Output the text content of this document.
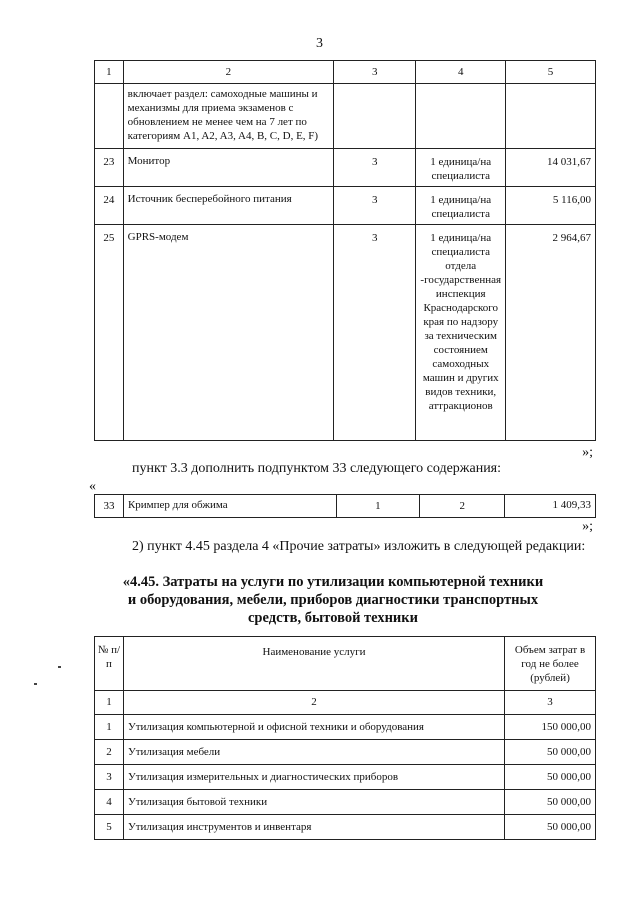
3
1	2	3	4	5
	включает раздел: самоходные машины и механизмы для приема экзаменов с обновлением не менее чем на 7 лет по категориям A1, A2, A3, A4, B, C, D, E, F)			
23	Монитор	3	1 единица/на специалиста	14 031,67
24	Источник бесперебойного питания	3	1 единица/на специалиста	5 116,00
25	GPRS-модем	3	1 единица/на специалиста отдела -государственная инспекция Краснодарского края по надзору за техническим состоянием самоходных машин и других видов техники, аттракционов	2 964,67
»;
пункт 3.3 дополнить подпунктом 33 следующего содержания:
«
33	Кримпер для обжима	1	2	1 409,33
»;
2) пункт 4.45 раздела 4 «Прочие затраты» изложить в следующей редакции:
«4.45. Затраты на услуги по утилизации компьютерной техники и оборудования, мебели, приборов диагностики транспортных средств, бытовой техники
№ п/п	Наименование услуги	Объем затрат в год не более (рублей)
1	2	3
1	Утилизация компьютерной и офисной техники и оборудования	150 000,00
2	Утилизация мебели	50 000,00
3	Утилизация измерительных и диагностических приборов	50 000,00
4	Утилизация бытовой техники	50 000,00
5	Утилизация инструментов и инвентаря	50 000,00
